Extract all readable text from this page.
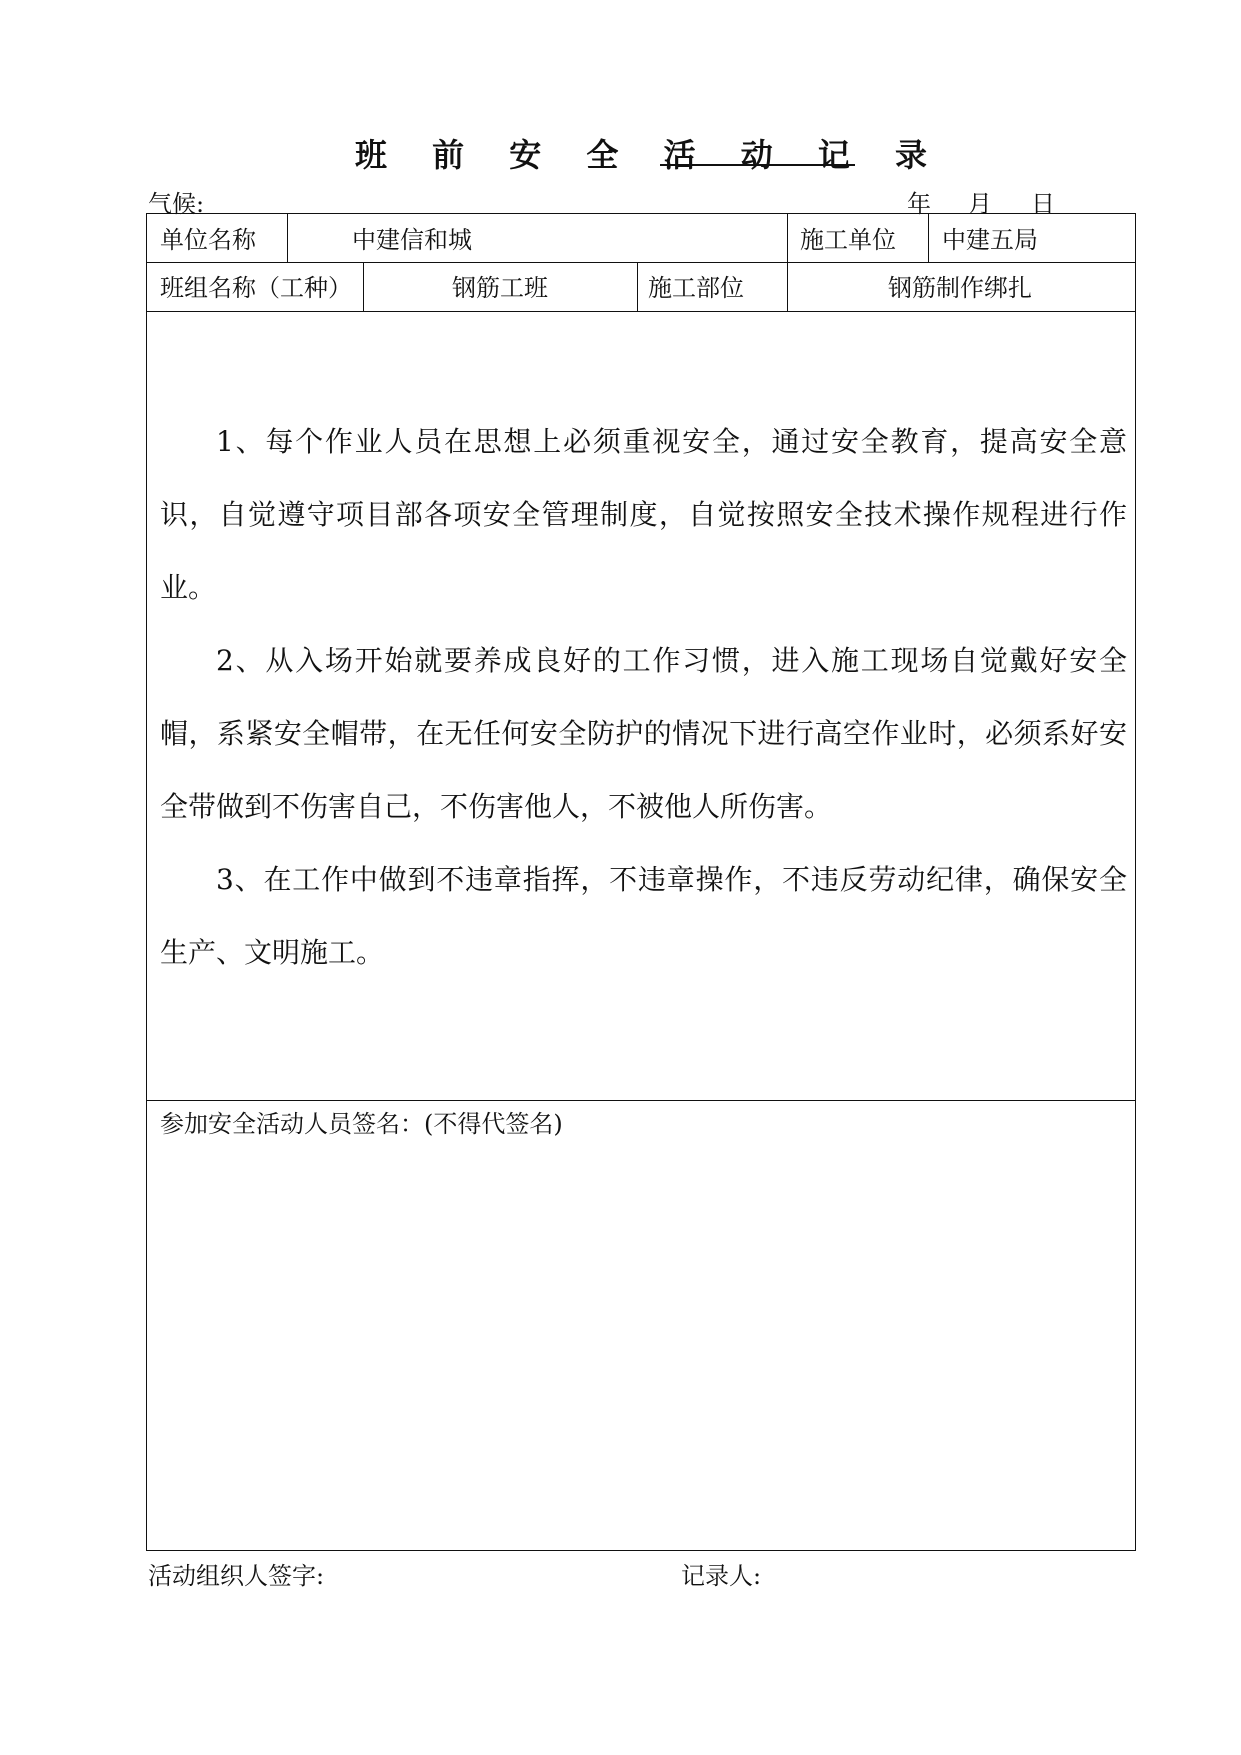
班 前 安 全 活 动 记 录
气候:	年 月 日
单位名称	中建信和城	施工单位 中建五局
班组名称（工种）	钢筋工班	施工部位	钢筋制作绑扎

1、每个作业人员在思想上必须重视安全，通过安全教育，提高安全意识，自觉遵守项目部各项安全管理制度，自觉按照安全技术操作规程进行作业。

2、从入场开始就要养成良好的工作习惯，进入施工现场自觉戴好安全帽，系紧安全帽带，在无任何安全防护的情况下进行高空作业时，必须系好安全带做到不伤害自己，不伤害他人，不被他人所伤害。

3、在工作中做到不违章指挥，不违章操作，不违反劳动纪律，确保安全生产、文明施工。

参加安全活动人员签名：(不得代签名)
活动组织人签字:	记录人:
